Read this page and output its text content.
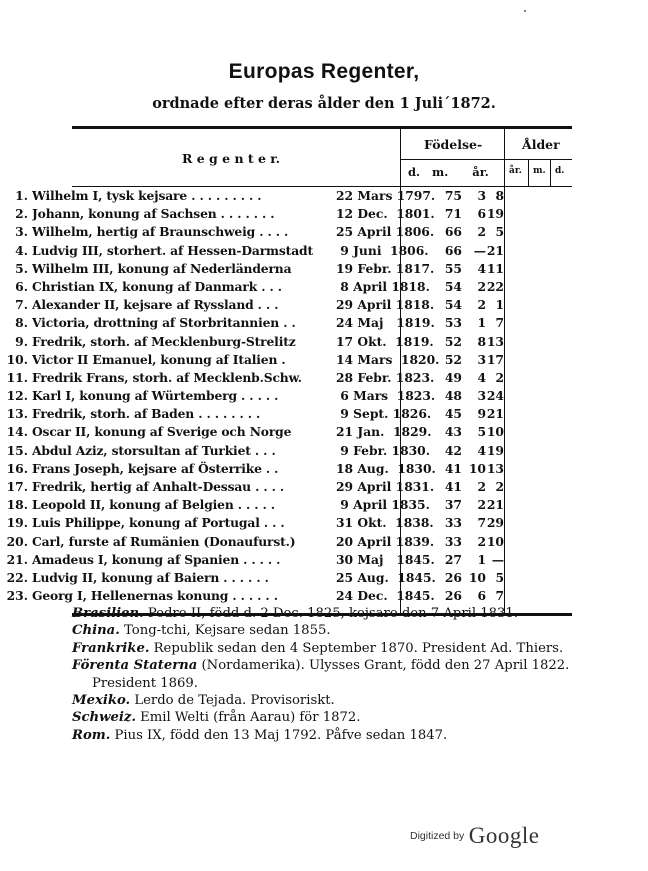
Europas Regenter,
ordnade efter deras ålder den 1 Juli´1872.
R e g e n t e r.
Födelse-
d.   m.      år.
Ålder
år. m. d.
1. Wilhelm I, tysk kejsare . . . . . . . . .	22 Mars 1797. 75	3 8
2. Johann, konung af Sachsen . . . . . . .	12 Dec.  1801. 71	6 19
3. Wilhelm, hertig af Braunschweig . . . .	25 April 1806. 66	2 5
4. Ludvig III, storhert. af Hessen-Darmstadt	9 Juni  1806.	66 — 21
5. Wilhelm III, konung af Nederländerna	19 Febr. 1817. 55	4 11
6. Christian IX, konung af Danmark . . .	8 April 1818.	54	2 22
7. Alexander II, kejsare af Ryssland . . .	29 April 1818. 54	2 1
8. Victoria, drottning af Storbritannien . .	24 Maj   1819. 53	1 7
9. Fredrik, storh. af Mecklenburg-Strelitz	17 Okt.  1819. 52	8 13
10. Victor II Emanuel, konung af Italien .	14 Mars  1820. 52	3 17
11. Fredrik Frans, storh. af Mecklenb.Schw.	28 Febr. 1823. 49	4 2
12. Karl I, konung af Würtemberg . . . . .	6 Mars  1823. 48	3 24
13. Fredrik, storh. af Baden . . . . . . . .	9 Sept. 1826.	45	9 21
14. Oscar II, konung af Sverige och Norge	21 Jan.  1829.	43	5 10
15. Abdul Aziz, storsultan af Turkiet . . .	9 Febr. 1830.	42	4 19
16. Frans Joseph, kejsare af Österrike . .	18 Aug.  1830. 41 10 13
17. Fredrik, hertig af Anhalt-Dessau . . . .	29 April 1831. 41	2 2
18. Leopold II, konung af Belgien . . . . .	9 April 1835.	37	2 21
19. Luis Philippe, konung af Portugal . . .	31 Okt.  1838. 33	7 29
20. Carl, furste af Rumänien (Donaufurst.)	20 April 1839. 33	2 10
21. Amadeus I, konung af Spanien . . . . .	30 Maj   1845. 27	1 —
22. Ludvig II, konung af Baiern . . . . . .	25 Aug.  1845. 26 10 5
23. Georg I, Hellenernas konung . . . . . .	24 Dec.  1845. 26	6 7
Brasilien. Pedro II, född d. 2 Dec. 1825, kejsare den 7 April 1831.
China. Tong-tchi, Kejsare sedan 1855.
Frankrike. Republik sedan den 4 September 1870. President Ad. Thiers.
Förenta Staterna (Nordamerika). Ulysses Grant, född den 27 April 1822. President 1869.
Mexiko. Lerdo de Tejada. Provisoriskt.
Schweiz. Emil Welti (från Aarau) för 1872.
Rom. Pius IX, född den 13 Maj 1792. Påfve sedan 1847.
Digitized by Google
